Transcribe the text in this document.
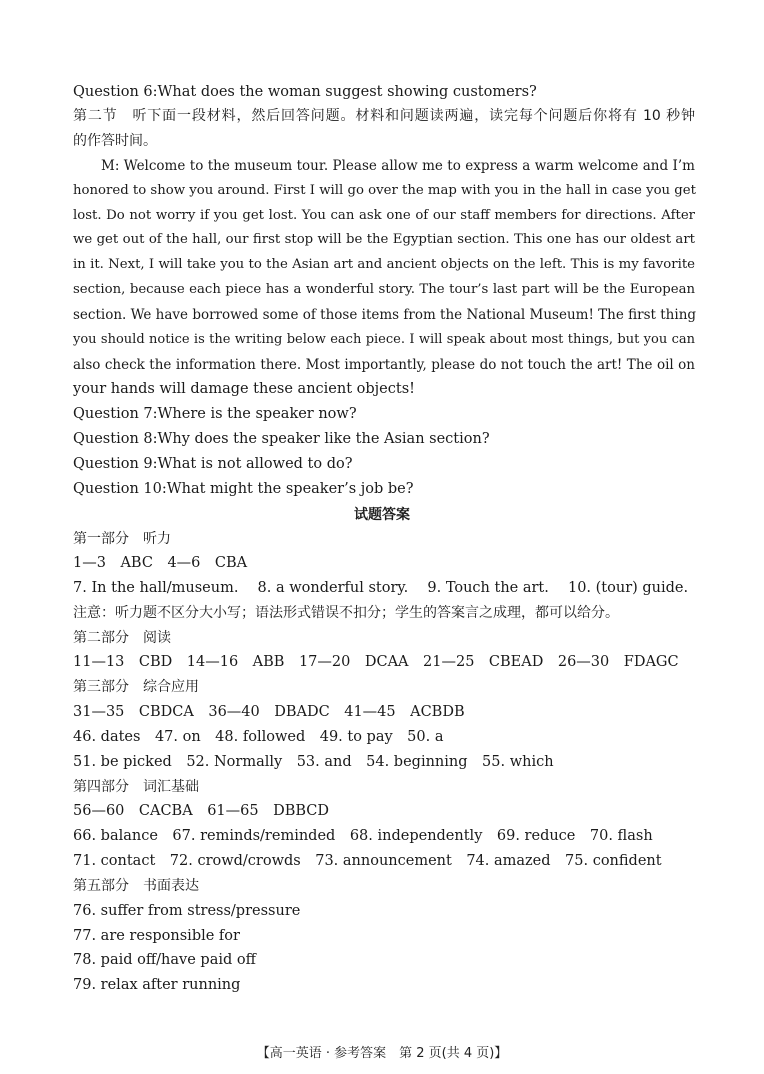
Question 6:What does the woman suggest showing customers?
第二节　听下面一段材料，然后回答问题。材料和问题读两遍，读完每个问题后你将有 10 秒钟
的作答时间。
M: Welcome to the museum tour. Please allow me to express a warm welcome and I’m
honored to show you around. First I will go over the map with you in the hall in case you get
lost. Do not worry if you get lost. You can ask one of our staff members for directions. After
we get out of the hall, our first stop will be the Egyptian section. This one has our oldest art
in it. Next, I will take you to the Asian art and ancient objects on the left. This is my favorite
section, because each piece has a wonderful story. The tour’s last part will be the European
section. We have borrowed some of those items from the National Museum! The first thing
you should notice is the writing below each piece. I will speak about most things, but you can
also check the information there. Most importantly, please do not touch the art! The oil on
your hands will damage these ancient objects!
Question 7:Where is the speaker now?
Question 8:Why does the speaker like the Asian section?
Question 9:What is not allowed to do?
Question 10:What might the speaker’s job be?
试题答案
第一部分　听力
1—3　ABC　4—6　CBA
7. In the hall/museum.　 8. a wonderful story.　 9. Touch the art.　 10. (tour) guide.
注意：听力题不区分大小写；语法形式错误不扣分；学生的答案言之成理，都可以给分。
第二部分　阅读
11—13　CBD　14—16　ABB　17—20　DCAA　21—25　CBEAD　26—30　FDAGC
第三部分　综合应用
31—35　CBDCA　36—40　DBADC　41—45　ACBDB
46. dates　47. on　48. followed　49. to pay　50. a
51. be picked　52. Normally　53. and　54. beginning　55. which
第四部分　词汇基础
56—60　CACBA　61—65　DBBCD
66. balance　67. reminds/reminded　68. independently　69. reduce　70. flash
71. contact　72. crowd/crowds　73. announcement　74. amazed　75. confident
第五部分　书面表达
76. suffer from stress/pressure
77. are responsible for
78. paid off/have paid off
79. relax after running
【高一英语 · 参考答案　第 2 页(共 4 页)】
